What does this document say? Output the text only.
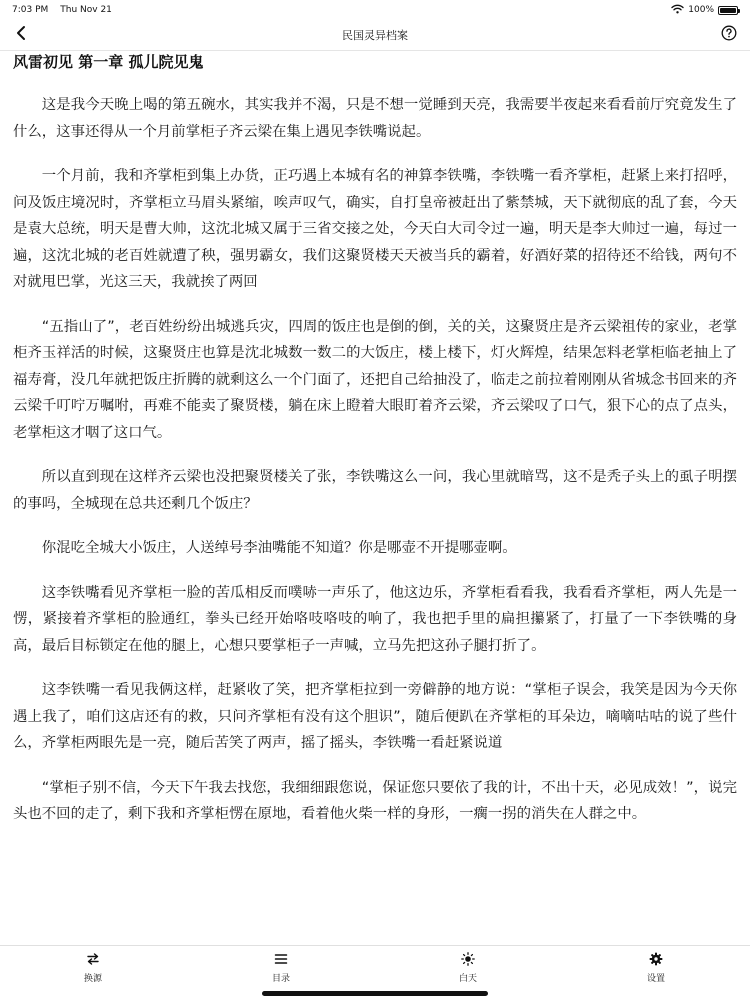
7:03 PM Thu Nov 21	100%
民国灵异档案
风雷初见 第一章 孤儿院见鬼

这是我今天晚上喝的第五碗水，其实我并不渴，只是不想一觉睡到天亮，我需要半夜起来看看前厅究竟发生了什么，这事还得从一个月前掌柜子齐云梁在集上遇见李铁嘴说起。

一个月前，我和齐掌柜到集上办货，正巧遇上本城有名的神算李铁嘴，李铁嘴一看齐掌柜，赶紧上来打招呼，问及饭庄境况时，齐掌柜立马眉头紧缩，唉声叹气，确实，自打皇帝被赶出了紫禁城，天下就彻底的乱了套，今天是袁大总统，明天是曹大帅，这沈北城又属于三省交接之处，今天白大司令过一遍，明天是李大帅过一遍，每过一遍，这沈北城的老百姓就遭了秧，强男霸女，我们这聚贤楼天天被当兵的霸着，好酒好菜的招待还不给钱，两句不对就甩巴掌，光这三天，我就挨了两回

“五指山了”，老百姓纷纷出城逃兵灾，四周的饭庄也是倒的倒，关的关，这聚贤庄是齐云梁祖传的家业，老掌柜齐玉祥活的时候，这聚贤庄也算是沈北城数一数二的大饭庄，楼上楼下，灯火辉煌，结果怎料老掌柜临老抽上了福寿膏，没几年就把饭庄折腾的就剩这么一个门面了，还把自己给抽没了，临走之前拉着刚刚从省城念书回来的齐云梁千叮咛万嘱咐，再难不能卖了聚贤楼，躺在床上瞪着大眼盯着齐云梁，齐云梁叹了口气，狠下心的点了点头，老掌柜这才咽了这口气。

所以直到现在这样齐云梁也没把聚贤楼关了张，李铁嘴这么一问，我心里就暗骂，这不是秃子头上的虱子明摆的事吗，全城现在总共还剩几个饭庄？

你混吃全城大小饭庄，人送绰号李油嘴能不知道？你是哪壶不开提哪壶啊。

这李铁嘴看见齐掌柜一脸的苦瓜相反而噗哧一声乐了，他这边乐，齐掌柜看看我，我看看齐掌柜，两人先是一愣，紧接着齐掌柜的脸通红，拳头已经开始咯吱咯吱的响了，我也把手里的扁担攥紧了，打量了一下李铁嘴的身高，最后目标锁定在他的腿上，心想只要掌柜子一声喊，立马先把这孙子腿打折了。

这李铁嘴一看见我俩这样，赶紧收了笑，把齐掌柜拉到一旁僻静的地方说：“掌柜子误会，我笑是因为今天你遇上我了，咱们这店还有的救，只问齐掌柜有没有这个胆识”，随后便趴在齐掌柜的耳朵边，嘀嘀咕咕的说了些什么，齐掌柜两眼先是一亮，随后苦笑了两声，摇了摇头，李铁嘴一看赶紧说道

“掌柜子别不信，今天下午我去找您，我细细跟您说，保证您只要依了我的计，不出十天，必见成效！”，说完头也不回的走了，剩下我和齐掌柜愣在原地，看着他火柴一样的身形，一瘸一拐的消失在人群之中。

换源	目录	白天	设置
